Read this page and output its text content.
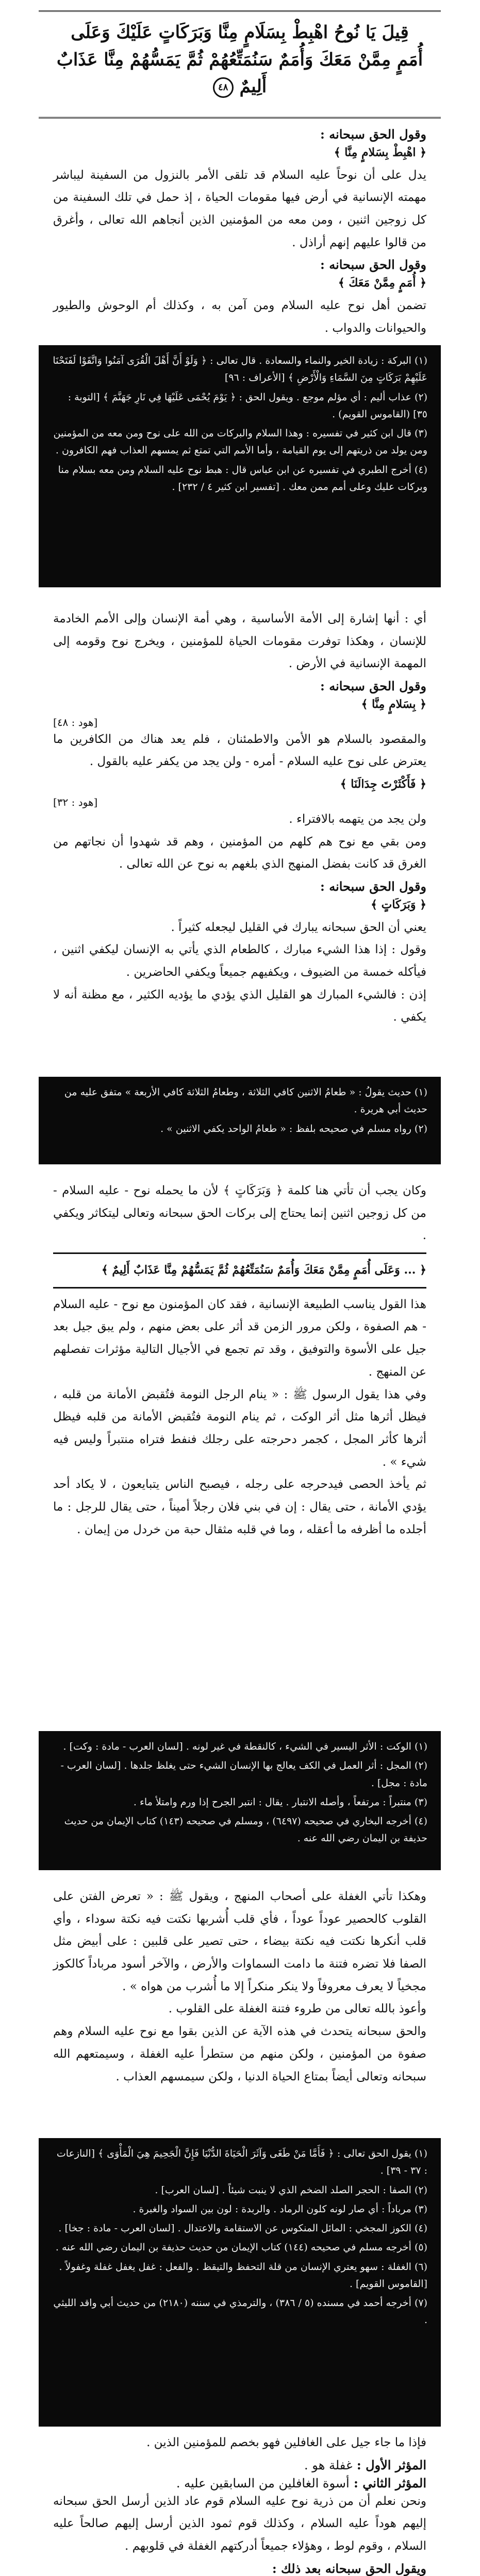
قِيلَ يَا نُوحُ اهْبِطْ بِسَلَامٍ مِنَّا وَبَرَكَاتٍ عَلَيْكَ وَعَلَى أُمَمٍ مِمَّنْ مَعَكَ وَأُمَمٌ سَنُمَتِّعُهُمْ ثُمَّ يَمَسُّهُمْ مِنَّا عَذَابٌ أَلِيمٌ ٤٨

وقول الحق سبحانه :

﴿ اهْبِطْ بِسَلامٍ مِنَّا ﴾

يدل على أن نوحاً عليه السلام قد تلقى الأمر بالنزول من السفينة ليباشر مهمته الإنسانية في أرض فيها مقومات الحياة ، إذ حمل في تلك السفينة من كل زوجين اثنين ، ومن معه من المؤمنين الذين أنجاهم الله تعالى ، وأغرق من قالوا عليهم إنهم أراذل .

وقول الحق سبحانه :

﴿ أُمَمٍ مِمَّنْ مَعَكَ ﴾

تضمن أهل نوح عليه السلام ومن آمن به ، وكذلك أم الوحوش والطيور والحيوانات والدواب .

(١) البركة : زيادة الخير والنماء والسعادة . قال تعالى : ﴿ وَلَوْ أَنَّ أَهْلَ الْقُرَى آمَنُوا وَاتَّقَوْا لَفَتَحْنَا عَلَيْهِمْ بَرَكَاتٍ مِنَ السَّمَاءِ وَالْأَرْضِ ﴾ [الأعراف : ٩٦]

(٢) عذاب أليم : أي مؤلم موجع . ويقول الحق : ﴿ يَوْمَ يُحْمَى عَلَيْهَا فِي نَارِ جَهَنَّمَ ﴾ [التوبة : ٣٥] (القاموس القويم) .

(٣) قال ابن كثير في تفسيره : وهذا السلام والبركات من الله على نوح ومن معه من المؤمنين ومن يولد من ذريتهم إلى يوم القيامة ، وأما الأمم التي تمتع ثم يمسهم العذاب فهم الكافرون .

(٤) أخرج الطبري في تفسيره عن ابن عباس قال : هبط نوح عليه السلام ومن معه بسلام منا وبركات عليك وعلى أمم ممن معك . [تفسير ابن كثير ٤ / ٢٣٢] .

أي : أنها إشارة إلى الأمة الأساسية ، وهي أمة الإنسان وإلى الأمم الخادمة للإنسان ، وهكذا توفرت مقومات الحياة للمؤمنين ، ويخرج نوح وقومه إلى المهمة الإنسانية في الأرض .

وقول الحق سبحانه :

﴿ بِسَلامٍ مِنَّا ﴾

[هود : ٤٨]

والمقصود بالسلام هو الأمن والاطمئنان ، فلم يعد هناك من الكافرين ما يعترض على نوح عليه السلام - أمره - ولن يجد من يكفر عليه بالقول .

﴿ فَأَكْثَرْتَ جِدَالَنَا ﴾

[هود : ٣٢]

ولن يجد من يتهمه بالافتراء .

ومن بقي مع نوح هم كلهم من المؤمنين ، وهم قد شهدوا أن نجاتهم من الغرق قد كانت بفضل المنهج الذي بلغهم به نوح عن الله تعالى .

وقول الحق سبحانه :

﴿ وَبَرَكَاتٍ ﴾

يعني أن الحق سبحانه يبارك في القليل ليجعله كثيراً .

وقول : إذا هذا الشيء مبارك ، كالطعام الذي يأتي به الإنسان ليكفي اثنين ، فيأكله خمسة من الضيوف ، ويكفيهم جميعاً ويكفي الحاضرين .

إذن : فالشيء المبارك هو القليل الذي يؤدي ما يؤديه الكثير ، مع مظنة أنه لا يكفي .

(١) حديث يقولُ : « طعامُ الاثنين كافي الثلاثة ، وطعامُ الثلاثة كافي الأربعة » متفق عليه من حديث أبي هريرة .

(٢) رواه مسلم في صحيحه بلفظ : « طعامُ الواحد يكفي الاثنين » .

وكان يجب أن تأتي هنا كلمة ﴿ وَبَرَكَاتٍ ﴾ لأن ما يحمله نوح - عليه السلام - من كل زوجين اثنين إنما يحتاج إلى بركات الحق سبحانه وتعالى ليتكاثر ويكفي .

﴿ ... وَعَلَى أُمَمٍ مِمَّنْ مَعَكَ وَأُمَمٌ سَنُمَتِّعُهُمْ ثُمَّ يَمَسُّهُمْ مِنَّا عَذَابٌ أَلِيمٌ ﴾

هذا القول يناسب الطبيعة الإنسانية ، فقد كان المؤمنون مع نوح - عليه السلام - هم الصفوة ، ولكن مرور الزمن قد أثر على بعض منهم ، ولم يبق جيل بعد جيل على الأسوة والتوفيق ، وقد تم تجمع في الأجيال التالية مؤثرات تفصلهم عن المنهج .

وفي هذا يقول الرسول ﷺ : « ينام الرجل النومة فتُقبض الأمانة من قلبه ، فيظل أثرها مثل أثر الوكت ، ثم ينام النومة فتُقبض الأمانة من قلبه فيظل أثرها كأثر المجل ، كجمر دحرجته على رجلك فنفط فتراه منتبراً وليس فيه شيء » .

ثم يأخذ الحصى فيدحرجه على رجله ، فيصبح الناس يتبايعون ، لا يكاد أحد يؤدي الأمانة ، حتى يقال : إن في بني فلان رجلاً أميناً ، حتى يقال للرجل : ما أجلده ما أظرفه ما أعقله ، وما في قلبه مثقال حبة من خردل من إيمان .

(١) الوكت : الأثر اليسير في الشيء ، كالنقطة في غير لونه . [لسان العرب - مادة : وكت] .

(٢) المجل : أثر العمل في الكف يعالج بها الإنسان الشيء حتى يغلظ جلدها . [لسان العرب - مادة : مجل] .

(٣) منتبراً : مرتفعاً ، وأصله الانتبار . يقال : انتبر الجرح إذا ورم وامتلأ ماء .

(٤) أخرجه البخاري في صحيحه (٦٤٩٧) ، ومسلم في صحيحه (١٤٣) كتاب الإيمان من حديث حذيفة بن اليمان رضي الله عنه .

وهكذا تأتي الغفلة على أصحاب المنهج ، ويقول ﷺ : « تعرض الفتن على القلوب كالحصير عوداً عوداً ، فأي قلب أُشربها نكتت فيه نكتة سوداء ، وأي قلب أنكرها نكتت فيه نكتة بيضاء ، حتى تصير على قلبين : على أبيض مثل الصفا فلا تضره فتنة ما دامت السماوات والأرض ، والآخر أسود مرباداً كالكوز مجخياً لا يعرف معروفاً ولا ينكر منكراً إلا ما أُشرب من هواه » .

وأعوذ بالله تعالى من طروء فتنة الغفلة على القلوب .

والحق سبحانه يتحدث في هذه الآية عن الذين بقوا مع نوح عليه السلام وهم صفوة من المؤمنين ، ولكن منهم من ستطرأ عليه الغفلة ، وسيمتعهم الله سبحانه وتعالى أيضاً بمتاع الحياة الدنيا ، ولكن سيمسهم العذاب .

(١) يقول الحق تعالى : ﴿ فَأَمَّا مَنْ طَغَى وَآثَرَ الْحَيَاةَ الدُّنْيَا فَإِنَّ الْجَحِيمَ هِيَ الْمَأْوَى ﴾ [النازعات : ٣٧ - ٣٩] .

(٢) الصفا : الحجر الصلد الضخم الذي لا ينبت شيئاً . [لسان العرب] .

(٣) مرباداً : أي صار لونه كلون الرماد . والربدة : لون بين السواد والغبرة .

(٤) الكوز المجخي : المائل المنكوس عن الاستقامة والاعتدال . [لسان العرب - مادة : جخا] .

(٥) أخرجه مسلم في صحيحه (١٤٤) كتاب الإيمان من حديث حذيفة بن اليمان رضي الله عنه .

(٦) الغفلة : سهو يعتري الإنسان من قلة التحفظ والتيقظ . والفعل : غفل يغفل غفلة وغفولاً . [القاموس القويم] .

(٧) أخرجه أحمد في مسنده (٥ / ٣٨٦) ، والترمذي في سننه (٢١٨٠) من حديث أبي واقد الليثي .

فإذا ما جاء جيل على الغافلين فهو بخصم للمؤمنين الذين .

المؤثر الأول : غفلة هو .

المؤثر الثاني : أسوة الغافلين من السابقين عليه .

ونحن نعلم أن من ذرية نوح عليه السلام قوم عاد الذين أرسل الحق سبحانه إليهم هوداً عليه السلام ، وكذلك قوم ثمود الذين أرسل إليهم صالحاً عليه السلام ، وقوم لوط ، وهؤلاء جميعاً أدركتهم الغفلة في قلوبهم .

ويقول الحق سبحانه بعد ذلك :
